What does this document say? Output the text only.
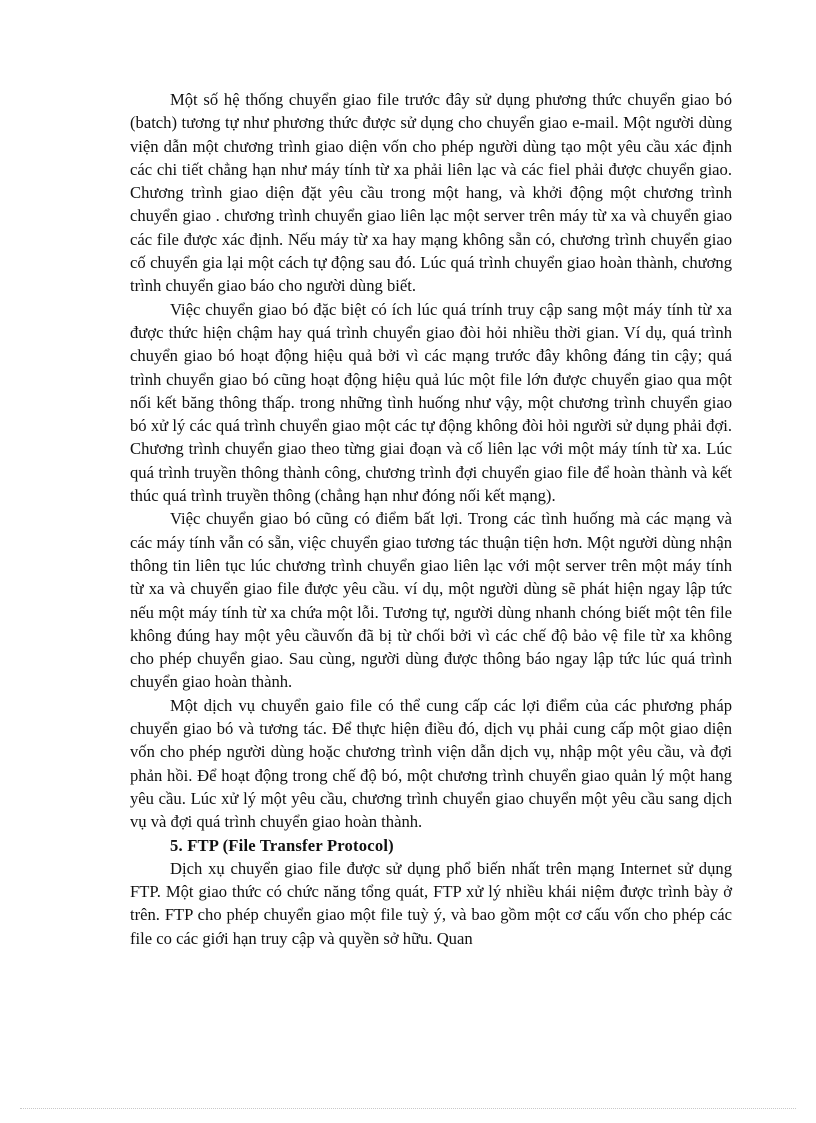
Một số hệ thống chuyển giao file trước đây sử dụng phương thức chuyển giao bó (batch) tương tự như phương thức được sử dụng cho chuyển giao e-mail. Một người dùng viện dẫn một chương trình giao diện vốn cho phép người dùng tạo một yêu cầu xác định các chi tiết chẳng hạn như máy tính từ xa phải liên lạc và các fiel phải được chuyển giao. Chương trình giao diện đặt yêu cầu trong một hang, và khởi động một chương trình chuyển giao . chương trình chuyển giao liên lạc một server trên máy từ xa và chuyển giao các file được xác định. Nếu máy từ xa hay mạng không sẵn có, chương trình chuyển giao cố chuyển gia lại một cách tự động sau đó. Lúc quá trình chuyển giao hoàn thành, chương trình chuyển giao báo cho người dùng biết.

Việc chuyển giao bó đặc biệt có ích lúc quá trính truy cập sang một máy tính từ xa được thức hiện chậm hay quá trình chuyển giao đòi hỏi nhiều thời gian. Ví dụ, quá trình chuyển giao bó hoạt động hiệu quả bởi vì các mạng trước đây không đáng tin cậy; quá trình chuyển giao bó cũng hoạt động hiệu quả lúc một file lớn được chuyển giao qua một nối kết băng thông thấp. trong những tình huống như vậy, một chương trình chuyển giao bó xử lý các quá trình chuyển giao một các tự động không đòi hỏi người sử dụng phải đợi. Chương trình chuyển giao theo từng giai đoạn và cố liên lạc với một máy tính từ xa. Lúc quá trình truyền thông thành công, chương trình đợi chuyển giao file để hoàn thành và kết thúc quá trình truyền thông (chẳng hạn như đóng nối kết mạng).

Việc chuyển giao bó cũng có điểm bất lợi. Trong các tình huống mà các mạng và các máy tính vẫn có sẵn, việc chuyển giao tương tác thuận tiện hơn. Một người dùng nhận thông tin liên tục lúc chương trình chuyển giao liên lạc với một server trên một máy tính từ xa và chuyển giao file được yêu cầu. ví dụ, một người dùng sẽ phát hiện ngay lập tức nếu một máy tính từ xa chứa một lỗi. Tương tự, người dùng nhanh chóng biết một tên file không đúng hay một yêu cầuvốn đã bị từ chối bởi vì các chế độ bảo vệ file từ xa không cho phép chuyển giao. Sau cùng, người dùng được thông báo ngay lập tức lúc quá trình chuyển giao hoàn thành.

Một dịch vụ chuyển gaio file có thể cung cấp các lợi điểm của các phương pháp chuyển giao bó và tương tác. Để thực hiện điều đó, dịch vụ phải cung cấp một giao diện vốn cho phép người dùng hoặc chương trình viện dẫn dịch vụ, nhập một yêu cầu, và đợi phản hồi. Để hoạt động trong chế độ bó, một chương trình chuyển giao quản lý một hang yêu cầu. Lúc xử lý một yêu cầu, chương trình chuyển giao chuyển một yêu cầu sang dịch vụ và đợi quá trình chuyển giao hoàn thành.

5. FTP (File Transfer Protocol)

Dịch xụ chuyển giao file được sử dụng phổ biến nhất trên mạng Internet sử dụng FTP. Một giao thức có chức năng tổng quát, FTP xử lý nhiều khái niệm được trình bày ở trên. FTP cho phép chuyển giao một file tuỳ ý, và bao gồm một cơ cấu vốn cho phép các file co các giới hạn truy cập và quyền sở hữu. Quan
